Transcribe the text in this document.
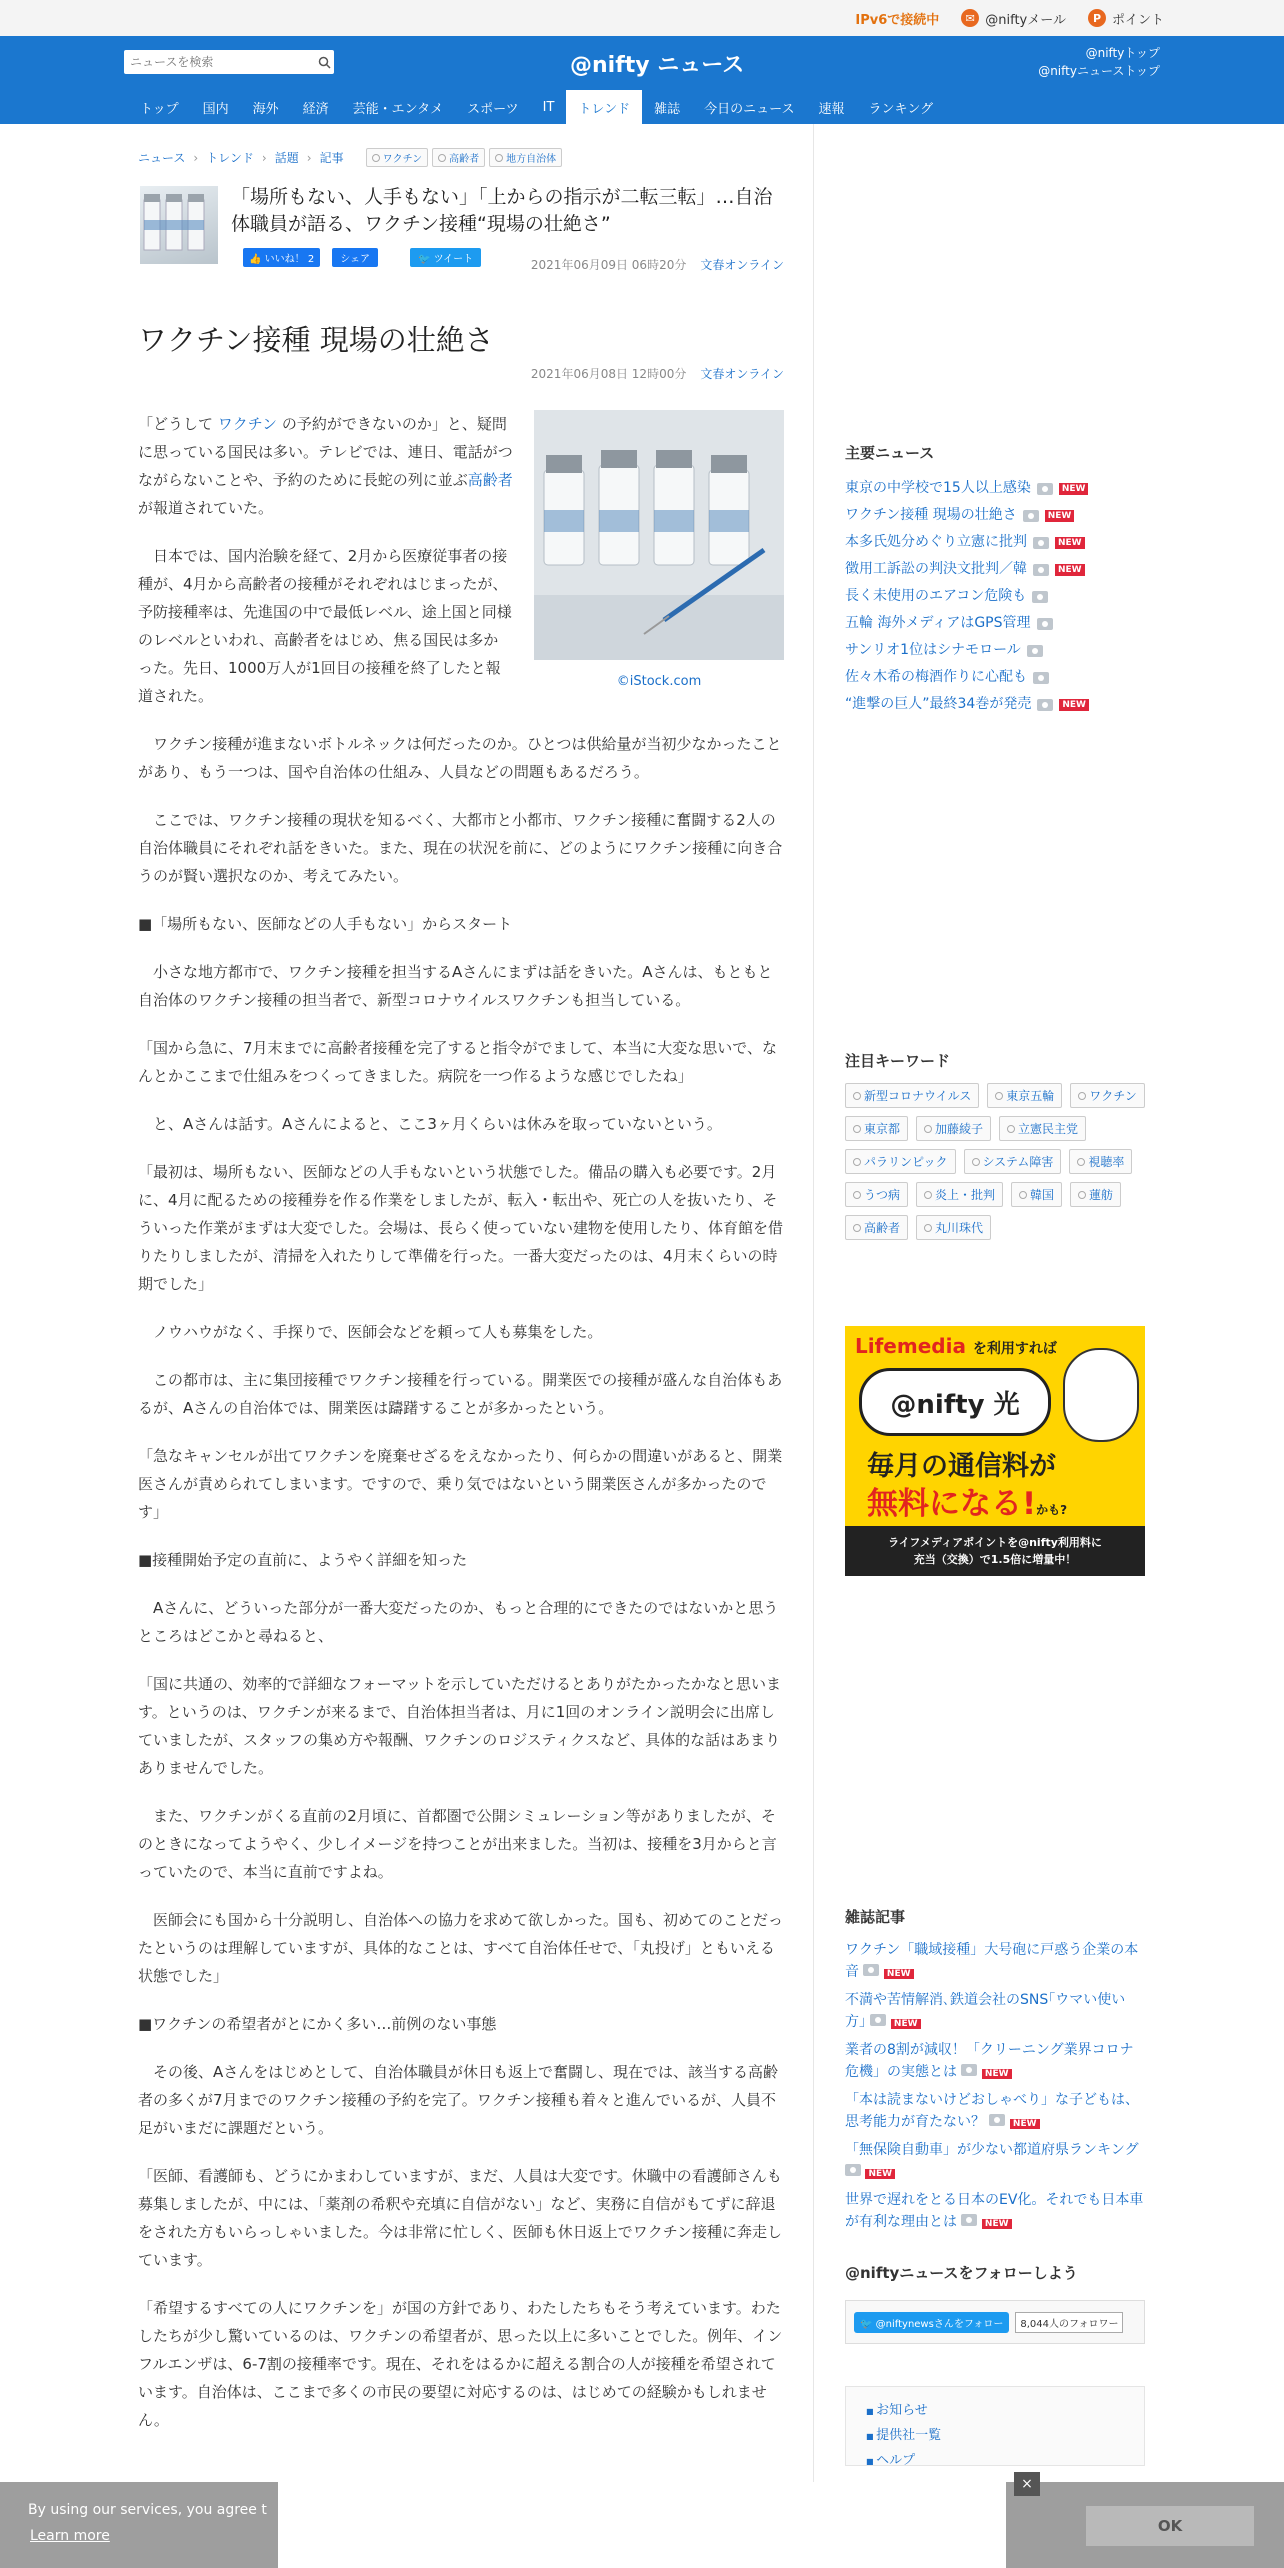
IPv6で接続中	✉ @niftyメール	P ポイント
ニュースを検索
@nifty ニュース	@niftyトップ
@niftyニューストップ
トップ	国内	海外	経済	芸能・エンタメ	スポーツ	IT	トレンド	雑誌	今日のニュース	速報	ランキング
ニュース › トレンド › 話題 › 記事	ワクチン	高齢者	地方自治体
「場所もない、人手もない」「上からの指示が二転三転」…自治体職員が語る、ワクチン接種“現場の壮絶さ”
👍 いいね！ 2	シェア	🐦 ツイート	2021年06月09日 06時20分 文春オンライン
ワクチン接種 現場の壮絶さ
2021年06月08日 12時00分 文春オンライン
©iStock.com

「どうして ワクチン の予約ができないのか」と、疑問に思っている国民は多い。テレビでは、連日、電話がつながらないことや、予約のために長蛇の列に並ぶ高齢者 が報道されていた。

　日本では、国内治験を経て、2月から医療従事者の接種が、4月から高齢者の接種がそれぞれはじまったが、予防接種率は、先進国の中で最低レベル、途上国と同様のレベルといわれ、高齢者をはじめ、焦る国民は多かった。先日、1000万人が1回目の接種を終了したと報道された。

　ワクチン接種が進まないボトルネックは何だったのか。ひとつは供給量が当初少なかったことがあり、もう一つは、国や自治体の仕組み、人員などの問題もあるだろう。

　ここでは、ワクチン接種の現状を知るべく、大都市と小都市、ワクチン接種に奮闘する2人の自治体職員にそれぞれ話をきいた。また、現在の状況を前に、どのようにワクチン接種に向き合うのが賢い選択なのか、考えてみたい。

■「場所もない、医師などの人手もない」からスタート

　小さな地方都市で、ワクチン接種を担当するAさんにまずは話をきいた。Aさんは、もともと自治体のワクチン接種の担当者で、新型コロナウイルスワクチンも担当している。

「国から急に、7月末までに高齢者接種を完了すると指令がでまして、本当に大変な思いで、なんとかここまで仕組みをつくってきました。病院を一つ作るような感じでしたね」

　と、Aさんは話す。Aさんによると、ここ3ヶ月くらいは休みを取っていないという。

「最初は、場所もない、医師などの人手もないという状態でした。備品の購入も必要です。2月に、4月に配るための接種券を作る作業をしましたが、転入・転出や、死亡の人を抜いたり、そういった作業がまずは大変でした。会場は、長らく使っていない建物を使用したり、体育館を借りたりしましたが、清掃を入れたりして準備を行った。一番大変だったのは、4月末くらいの時期でした」

　ノウハウがなく、手探りで、医師会などを頼って人も募集をした。

　この都市は、主に集団接種でワクチン接種を行っている。開業医での接種が盛んな自治体もあるが、Aさんの自治体では、開業医は躊躇することが多かったという。

「急なキャンセルが出てワクチンを廃棄せざるをえなかったり、何らかの間違いがあると、開業医さんが責められてしまいます。ですので、乗り気ではないという開業医さんが多かったのです」

■接種開始予定の直前に、ようやく詳細を知った

　Aさんに、どういった部分が一番大変だったのか、もっと合理的にできたのではないかと思うところはどこかと尋ねると、

「国に共通の、効率的で詳細なフォーマットを示していただけるとありがたかったかなと思います。というのは、ワクチンが来るまで、自治体担当者は、月に1回のオンライン説明会に出席していましたが、スタッフの集め方や報酬、ワクチンのロジスティクスなど、具体的な話はあまりありませんでした。

　また、ワクチンがくる直前の2月頃に、首都圏で公開シミュレーション等がありましたが、そのときになってようやく、少しイメージを持つことが出来ました。当初は、接種を3月からと言っていたので、本当に直前ですよね。

　医師会にも国から十分説明し、自治体への協力を求めて欲しかった。国も、初めてのことだったというのは理解していますが、具体的なことは、すべて自治体任せで、「丸投げ」ともいえる状態でした」

■ワクチンの希望者がとにかく多い…前例のない事態

　その後、Aさんをはじめとして、自治体職員が休日も返上で奮闘し、現在では、該当する高齢者の多くが7月までのワクチン接種の予約を完了。ワクチン接種も着々と進んでいるが、人員不足がいまだに課題だという。

「医師、看護師も、どうにかまわしていますが、まだ、人員は大変です。休職中の看護師さんも募集しましたが、中には、「薬剤の希釈や充填に自信がない」など、実務に自信がもてずに辞退をされた方もいらっしゃいました。今は非常に忙しく、医師も休日返上でワクチン接種に奔走しています。

「希望するすべての人にワクチンを」が国の方針であり、わたしたちもそう考えています。わたしたちが少し驚いているのは、ワクチンの希望者が、思った以上に多いことでした。例年、インフルエンザは、6-7割の接種率です。現在、それをはるかに超える割合の人が接種を希望されています。自治体は、ここまで多くの市民の要望に対応するのは、はじめての経験かもしれません。

主要ニュース
東京の中学校で15人以上感染	NEW
ワクチン接種 現場の壮絶さ	NEW
本多氏処分めぐり立憲に批判	NEW
徴用工訴訟の判決文批判／韓	NEW
長く未使用のエアコン危険も
五輪 海外メディアはGPS管理
サンリオ1位はシナモロール
佐々木希の梅酒作りに心配も
“進撃の巨人”最終34巻が発売	NEW
注目キーワード
新型コロナウイルス	東京五輪	ワクチン
東京都	加藤綾子	立憲民主党
パラリンピック	システム障害	視聴率
うつ病	炎上・批判	韓国	蓮舫
高齢者	丸川珠代
Lifemedia を利用すれば
@nifty 光
毎月の通信料が
無料になる!かも?
ライフメディアポイントを@nifty利用料に
充当（交換）で1.5倍に増量中！
雑誌記事
ワクチン「職域接種」大号砲に戸惑う企業の本音	NEW
不満や苦情解消､鉄道会社のSNS｢ウマい使い方｣	NEW
業者の8割が減収！「クリーニング業界コロナ危機」の実態とは	NEW
「本は読まないけどおしゃべり」な子どもは、思考能力が育たない？	NEW
「無保険自動車」が少ない都道府県ランキング  NEW
世界で遅れをとる日本のEV化。それでも日本車が有利な理由とは	NEW
@niftyニュースをフォローしよう
🐦 @niftynewsさんをフォロー	8,044人のフォロワー
■ お知らせ
■ 提供社一覧
■ ヘルプ
By using our services, you agree t
Learn more
OK
×
